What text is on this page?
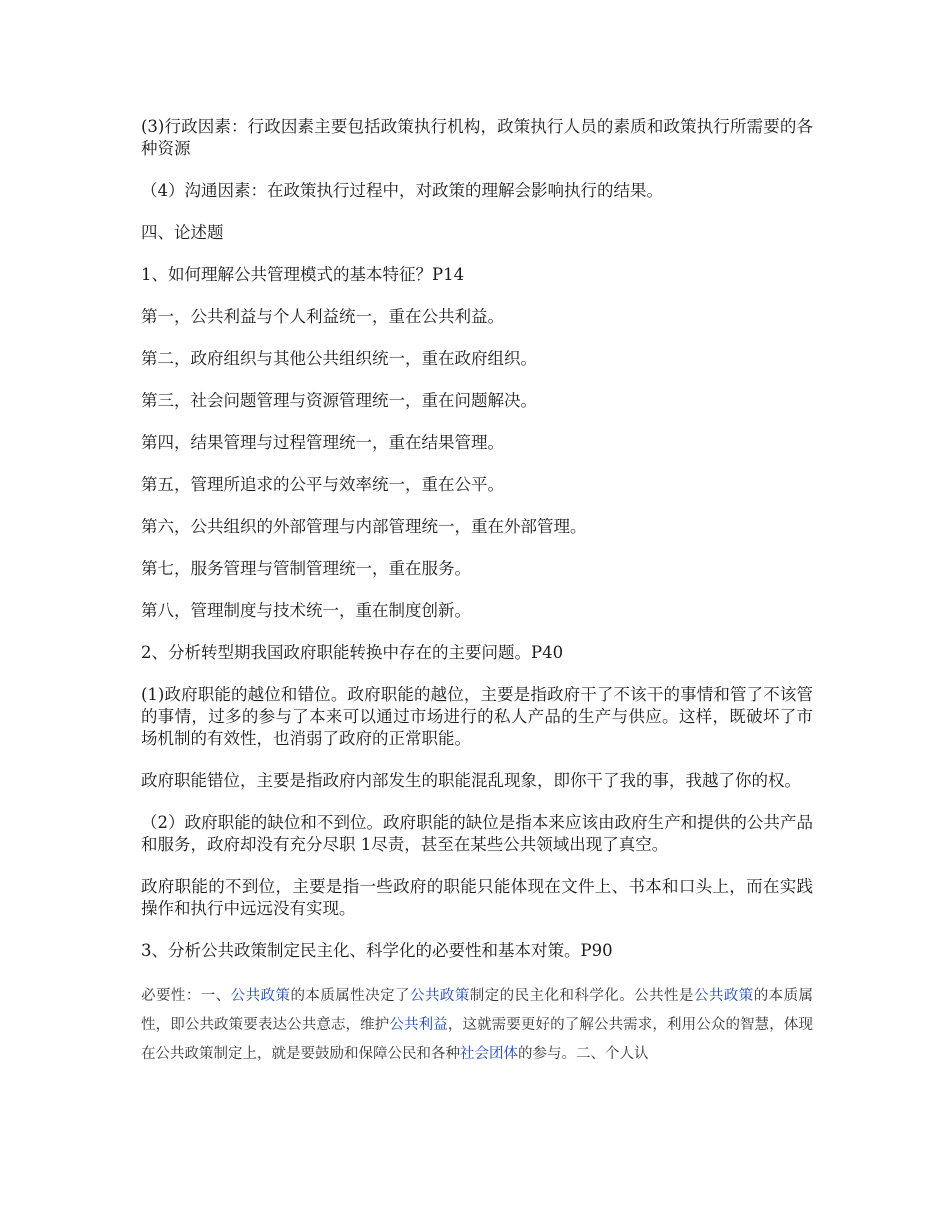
(3)行政因素：行政因素主要包括政策执行机构，政策执行人员的素质和政策执行所需要的各种资源

（4）沟通因素：在政策执行过程中，对政策的理解会影响执行的结果。

四、论述题

1、如何理解公共管理模式的基本特征？P14

第一，公共利益与个人利益统一，重在公共利益。

第二，政府组织与其他公共组织统一，重在政府组织。

第三，社会问题管理与资源管理统一，重在问题解决。

第四，结果管理与过程管理统一，重在结果管理。

第五，管理所追求的公平与效率统一，重在公平。

第六，公共组织的外部管理与内部管理统一，重在外部管理。

第七，服务管理与管制管理统一，重在服务。

第八，管理制度与技术统一，重在制度创新。

2、分析转型期我国政府职能转换中存在的主要问题。P40

(1)政府职能的越位和错位。政府职能的越位，主要是指政府干了不该干的事情和管了不该管的事情，过多的参与了本来可以通过市场进行的私人产品的生产与供应。这样，既破坏了市场机制的有效性，也消弱了政府的正常职能。

政府职能错位，主要是指政府内部发生的职能混乱现象，即你干了我的事，我越了你的权。

（2）政府职能的缺位和不到位。政府职能的缺位是指本来应该由政府生产和提供的公共产品和服务，政府却没有充分尽职 1尽责，甚至在某些公共领域出现了真空。

政府职能的不到位，主要是指一些政府的职能只能体现在文件上、书本和口头上，而在实践操作和执行中远远没有实现。

3、分析公共政策制定民主化、科学化的必要性和基本对策。P90

必要性：一、公共政策的本质属性决定了公共政策制定的民主化和科学化。公共性是公共政策的本质属性，即公共政策要表达公共意志，维护公共利益，这就需要更好的了解公共需求，利用公众的智慧，体现在公共政策制定上，就是要鼓励和保障公民和各种社会团体的参与。二、个人认
